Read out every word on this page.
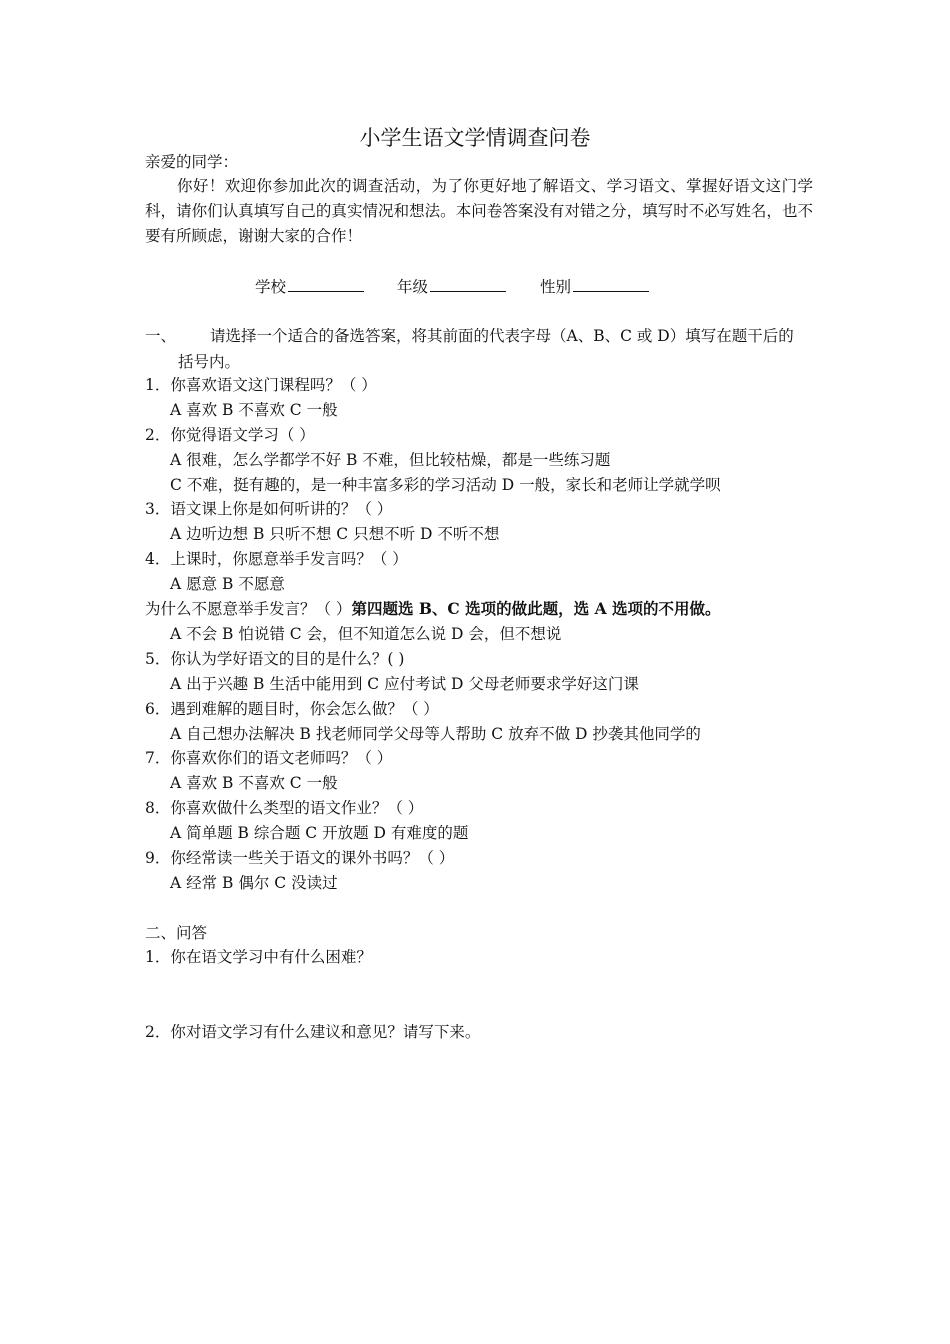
小学生语文学情调查问卷
亲爱的同学：
你好！欢迎你参加此次的调查活动，为了你更好地了解语文、学习语文、掌握好语文这门学科，请你们认真填写自己的真实情况和想法。本问卷答案没有对错之分，填写时不必写姓名，也不要有所顾虑，谢谢大家的合作！
学校	年级	性别
一、 请选择一个适合的备选答案，将其前面的代表字母（A、B、C 或 D）填写在题干后的
括号内。
1．你喜欢语文这门课程吗？（ ）
A 喜欢 B 不喜欢 C 一般
2．你觉得语文学习（ ）
A 很难，怎么学都学不好 B 不难，但比较枯燥，都是一些练习题
C 不难，挺有趣的，是一种丰富多彩的学习活动 D 一般，家长和老师让学就学呗
3．语文课上你是如何听讲的？（ ）
A 边听边想 B 只听不想 C 只想不听 D 不听不想
4．上课时，你愿意举手发言吗？（ ）
A 愿意 B 不愿意
为什么不愿意举手发言？（ ）第四题选 B、C 选项的做此题，选 A 选项的不用做。
A 不会 B 怕说错 C 会，但不知道怎么说 D 会，但不想说
5．你认为学好语文的目的是什么？( )
A 出于兴趣 B 生活中能用到 C 应付考试 D 父母老师要求学好这门课
6．遇到难解的题目时，你会怎么做？（ ）
A 自己想办法解决 B 找老师同学父母等人帮助 C 放弃不做 D 抄袭其他同学的
7．你喜欢你们的语文老师吗？（ ）
A 喜欢 B 不喜欢 C 一般
8．你喜欢做什么类型的语文作业？（ ）
A 简单题 B 综合题 C 开放题 D 有难度的题
9．你经常读一些关于语文的课外书吗？（ ）
A 经常 B 偶尔 C 没读过
二、问答
1．你在语文学习中有什么困难？
2．你对语文学习有什么建议和意见？请写下来。
